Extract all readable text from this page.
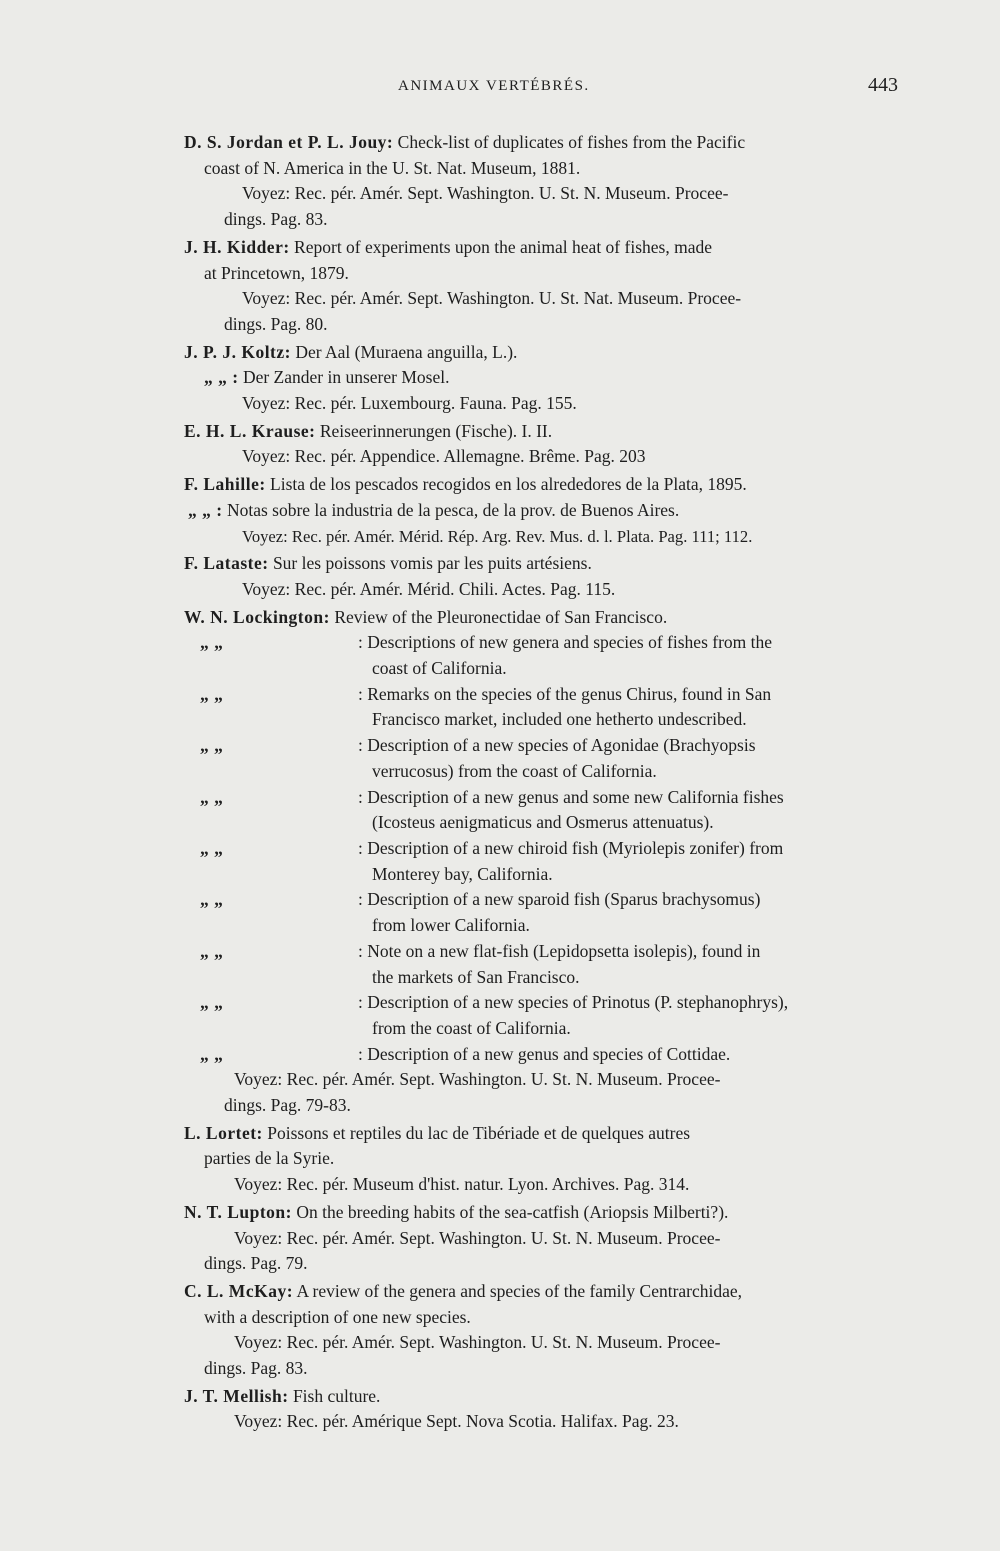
ANIMAUX VERTÉBRÉS.	443
D. S. Jordan et P. L. Jouy: Check-list of duplicates of fishes from the Pacific
coast of N. America in the U. St. Nat. Museum, 1881.
Voyez: Rec. pér. Amér. Sept. Washington. U. St. N. Museum. Procee-
dings. Pag. 83.
J. H. Kidder: Report of experiments upon the animal heat of fishes, made
at Princetown, 1879.
Voyez: Rec. pér. Amér. Sept. Washington. U. St. Nat. Museum. Procee-
dings. Pag. 80.
J. P. J. Koltz: Der Aal (Muraena anguilla, L.).
„ „ : Der Zander in unserer Mosel.
Voyez: Rec. pér. Luxembourg. Fauna. Pag. 155.
E. H. L. Krause: Reiseerinnerungen (Fische). I. II.
Voyez: Rec. pér. Appendice. Allemagne. Brême. Pag. 203
F. Lahille: Lista de los pescados recogidos en los alrededores de la Plata, 1895.
„ „ : Notas sobre la industria de la pesca, de la prov. de Buenos Aires.
Voyez: Rec. pér. Amér. Mérid. Rép. Arg. Rev. Mus. d. l. Plata. Pag. 111; 112.
F. Lataste: Sur les poissons vomis par les puits artésiens.
Voyez: Rec. pér. Amér. Mérid. Chili. Actes. Pag. 115.
W. N. Lockington: Review of the Pleuronectidae of San Francisco.
„ „	: Descriptions of new genera and species of fishes from the
coast of California.
„ „	: Remarks on the species of the genus Chirus, found in San
Francisco market, included one hetherto undescribed.
„ „	: Description of a new species of Agonidae (Brachyopsis
verrucosus) from the coast of California.
„ „	: Description of a new genus and some new California fishes
(Icosteus aenigmaticus and Osmerus attenuatus).
„ „	: Description of a new chiroid fish (Myriolepis zonifer) from
Monterey bay, California.
„ „	: Description of a new sparoid fish (Sparus brachysomus)
from lower California.
„ „	: Note on a new flat-fish (Lepidopsetta isolepis), found in
the markets of San Francisco.
„ „	: Description of a new species of Prinotus (P. stephanophrys),
from the coast of California.
„ „	: Description of a new genus and species of Cottidae.
Voyez: Rec. pér. Amér. Sept. Washington. U. St. N. Museum. Procee-
dings. Pag. 79-83.
L. Lortet: Poissons et reptiles du lac de Tibériade et de quelques autres
parties de la Syrie.
Voyez: Rec. pér. Museum d'hist. natur. Lyon. Archives. Pag. 314.
N. T. Lupton: On the breeding habits of the sea-catfish (Ariopsis Milberti?).
Voyez: Rec. pér. Amér. Sept. Washington. U. St. N. Museum. Procee-
dings. Pag. 79.
C. L. McKay: A review of the genera and species of the family Centrarchidae,
with a description of one new species.
Voyez: Rec. pér. Amér. Sept. Washington. U. St. N. Museum. Procee-
dings. Pag. 83.
J. T. Mellish: Fish culture.
Voyez: Rec. pér. Amérique Sept. Nova Scotia. Halifax. Pag. 23.
